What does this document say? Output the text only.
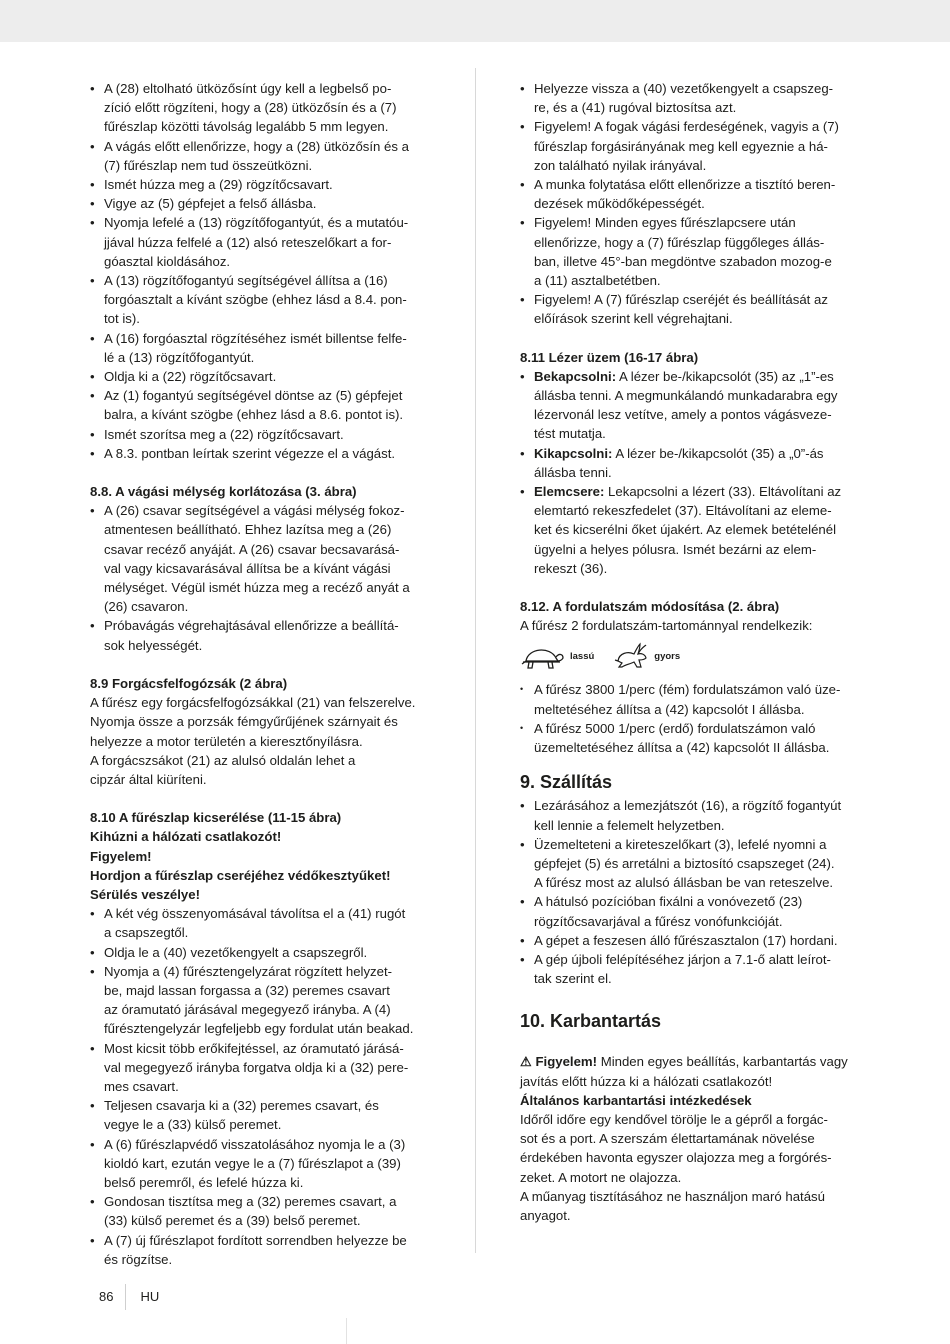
• A (28) eltolható ütközősínt úgy kell a legbelső po-
zíció előtt rögzíteni, hogy a (28) ütközősín és a (7)
fűrészlap közötti távolság legalább 5 mm legyen.
• A vágás előtt ellenőrizze, hogy a (28) ütközősín és a
(7) fűrészlap nem tud összeütközni.
• Ismét húzza meg a (29) rögzítőcsavart.
• Vigye az (5) gépfejet a felső állásba.
• Nyomja lefelé a (13) rögzítőfogantyút, és a mutatóu-
jjával húzza felfelé a (12) alsó reteszelőkart a for-
góasztal kioldásához.
• A (13) rögzítőfogantyú segítségével állítsa a (16)
forgóasztalt a kívánt szögbe (ehhez lásd a 8.4. pon-
tot is).
• A (16) forgóasztal rögzítéséhez ismét billentse felfe-
lé a (13) rögzítőfogantyút.
• Oldja ki a (22) rögzítőcsavart.
• Az (1) fogantyú segítségével döntse az (5) gépfejet
balra, a kívánt szögbe (ehhez lásd a 8.6. pontot is).
• Ismét szorítsa meg a (22) rögzítőcsavart.
• A 8.3. pontban leírtak szerint végezze el a vágást.
8.8. A vágási mélység korlátozása (3. ábra)
• A (26) csavar segítségével a vágási mélység fokoz-
atmentesen beállítható. Ehhez lazítsa meg a (26)
csavar recéző anyáját. A (26) csavar becsavarásá-
val vagy kicsavarásával állítsa be a kívánt vágási
mélységet. Végül ismét húzza meg a recéző anyát a
(26) csavaron.
• Próbavágás végrehajtásával ellenőrizze a beállítá-
sok helyességét.
8.9 Forgácsfelfogózsák (2 ábra)
A fűrész egy forgácsfelfogózsákkal (21) van felszerelve.
Nyomja össze a porzsák fémgyűrűjének szárnyait és
helyezze a motor területén a kieresztőnyílásra.
A forgácszsákot (21) az alulsó oldalán lehet a
cipzár által kiüríteni.
8.10 A fűrészlap kicserélése (11-15 ábra)
Kihúzni a hálózati csatlakozót!
Figyelem!
Hordjon a fűrészlap cseréjéhez védőkesztyűket!
Sérülés veszélye!
• A két vég összenyomásával távolítsa el a (41) rugót
a csapszegtől.
• Oldja le a (40) vezetőkengyelt a csapszegről.
• Nyomja a (4) fűrésztengelyzárat rögzített helyzet-
be, majd lassan forgassa a (32) peremes csavart
az óramutató járásával megegyező irányba. A (4)
fűrésztengelyzár legfeljebb egy fordulat után beakad.
• Most kicsit több erőkifejtéssel, az óramutató járásá-
val megegyező irányba forgatva oldja ki a (32) pere-
mes csavart.
• Teljesen csavarja ki a (32) peremes csavart, és
vegye le a (33) külső peremet.
• A (6) fűrészlapvédő visszatolásához nyomja le a (3)
kioldó kart, ezután vegye le a (7) fűrészlapot a (39)
belső peremről, és lefelé húzza ki.
• Gondosan tisztítsa meg a (32) peremes csavart, a
(33) külső peremet és a (39) belső peremet.
• A (7) új fűrészlapot fordított sorrendben helyezze be
és rögzítse.
• Helyezze vissza a (40) vezetőkengyelt a csapszeg-
re, és a (41) rugóval biztosítsa azt.
• Figyelem! A fogak vágási ferdeségének, vagyis a (7)
fűrészlap forgásirányának meg kell egyeznie a há-
zon található nyilak irányával.
• A munka folytatása előtt ellenőrizze a tisztító beren-
dezések működőképességét.
• Figyelem! Minden egyes fűrészlapcsere után
ellenőrizze, hogy a (7) fűrészlap függőleges állás-
ban, illetve 45°-ban megdöntve szabadon mozog-e
a (11) asztalbetétben.
• Figyelem! A (7) fűrészlap cseréjét és beállítását az
előírások szerint kell végrehajtani.
8.11 Lézer üzem (16-17 ábra)
• Bekapcsolni: A lézer be-/kikapcsolót (35) az „1”-es
állásba tenni. A megmunkálandó munkadarabra egy
lézervonál lesz vetítve, amely a pontos vágásveze-
tést mutatja.
• Kikapcsolni: A lézer be-/kikapcsolót (35) a „0”-ás
állásba tenni.
• Elemcsere: Lekapcsolni a lézert (33). Eltávolítani az
elemtartó rekeszfedelet (37). Eltávolítani az eleme-
ket és kicserélni őket újakért. Az elemek betételénél
ügyelni a helyes pólusra. Ismét bezárni az elem-
rekeszt (36).
8.12. A fordulatszám módosítása (2. ábra)
A fűrész 2 fordulatszám-tartománnyal rendelkezik:
lassú	gyors
• A fűrész 3800 1/perc (fém) fordulatszámon való üze-
meltetéséhez állítsa a (42) kapcsolót I állásba.
• A fűrész 5000 1/perc (erdő) fordulatszámon való
üzemeltetéséhez állítsa a (42) kapcsolót II állásba.
9. Szállítás
• Lezárásához a lemezjátszót (16), a rögzítő fogantyút
kell lennie a felemelt helyzetben.
• Üzemelteteni a kireteszelőkart (3), lefelé nyomni a
gépfejet (5) és arretálni a biztosító csapszeget (24).
A fűrész most az alulsó állásban be van reteszelve.
• A hátulsó pozícióban fixálni a vonóvezető (23)
rögzítőcsavarjával a fűrész vonófunkcióját.
• A gépet a feszesen álló fűrészasztalon (17) hordani.
• A gép újboli felépítéséhez járjon a 7.1-ő alatt leírot-
tak szerint el.
10. Karbantartás
⚠ Figyelem! Minden egyes beállítás, karbantartás vagy
javítás előtt húzza ki a hálózati csatlakozót!
Általános karbantartási intézkedések
Időről időre egy kendővel törölje le a gépről a forgác-
sot és a port. A szerszám élettartamának növelése
érdekében havonta egyszer olajozza meg a forgórés-
zeket. A motort ne olajozza.
A műanyag tisztításához ne használjon maró hatású
anyagot.
86 HU
